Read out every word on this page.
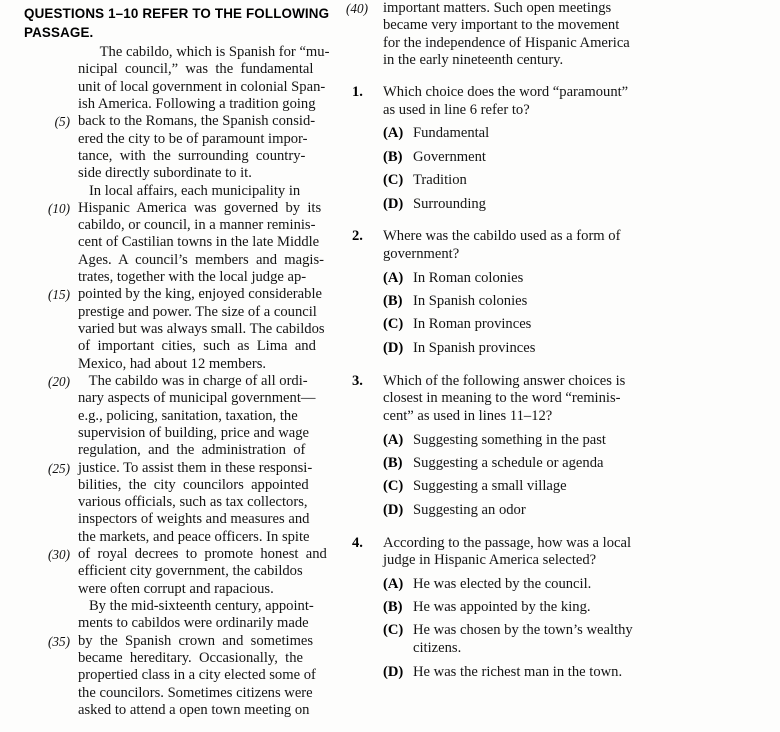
QUESTIONS 1–10 REFER TO THE FOLLOWING
PASSAGE.
The cabildo, which is Spanish for “mu-
nicipal  council,”  was  the  fundamental
unit of local government in colonial Span-
ish America. Following a tradition going
(5) back to the Romans, the Spanish consid-
ered the city to be of paramount impor-
tance,  with  the  surrounding  country-
side directly subordinate to it.
In local affairs, each municipality in
(10) Hispanic  America  was  governed  by  its
cabildo, or council, in a manner reminis-
cent of Castilian towns in the late Middle
Ages.  A  council’s  members  and  magis-
trates, together with the local judge ap-
(15) pointed by the king, enjoyed considerable
prestige and power. The size of a council
varied but was always small. The cabildos
of  important  cities,  such  as  Lima  and
Mexico, had about 12 members.
(20) The cabildo was in charge of all ordi-
nary aspects of municipal government—
e.g., policing, sanitation, taxation, the
supervision of building, price and wage
regulation,  and  the  administration  of
(25) justice. To assist them in these responsi-
bilities,  the  city  councilors  appointed
various officials, such as tax collectors,
inspectors of weights and measures and
the markets, and peace officers. In spite
(30) of  royal  decrees  to  promote  honest  and
efficient city government, the cabildos
were often corrupt and rapacious.
By the mid-sixteenth century, appoint-
ments to cabildos were ordinarily made
(35) by  the  Spanish  crown  and  sometimes
became  hereditary.  Occasionally,  the
propertied class in a city elected some of
the councilors. Sometimes citizens were
asked to attend a open town meeting on
(40)	important matters. Such open meetings
became very important to the movement
for the independence of Hispanic America
in the early nineteenth century.
1.	Which choice does the word “paramount”
as used in line 6 refer to?
(A) Fundamental
(B) Government
(C) Tradition
(D) Surrounding
2.	Where was the cabildo used as a form of
government?
(A) In Roman colonies
(B) In Spanish colonies
(C) In Roman provinces
(D) In Spanish provinces
3.	Which of the following answer choices is
closest in meaning to the word “reminis-
cent” as used in lines 11–12?
(A) Suggesting something in the past
(B) Suggesting a schedule or agenda
(C) Suggesting a small village
(D) Suggesting an odor
4.	According to the passage, how was a local
judge in Hispanic America selected?
(A) He was elected by the council.
(B) He was appointed by the king.
(C) He was chosen by the town’s wealthy
citizens.
(D) He was the richest man in the town.
